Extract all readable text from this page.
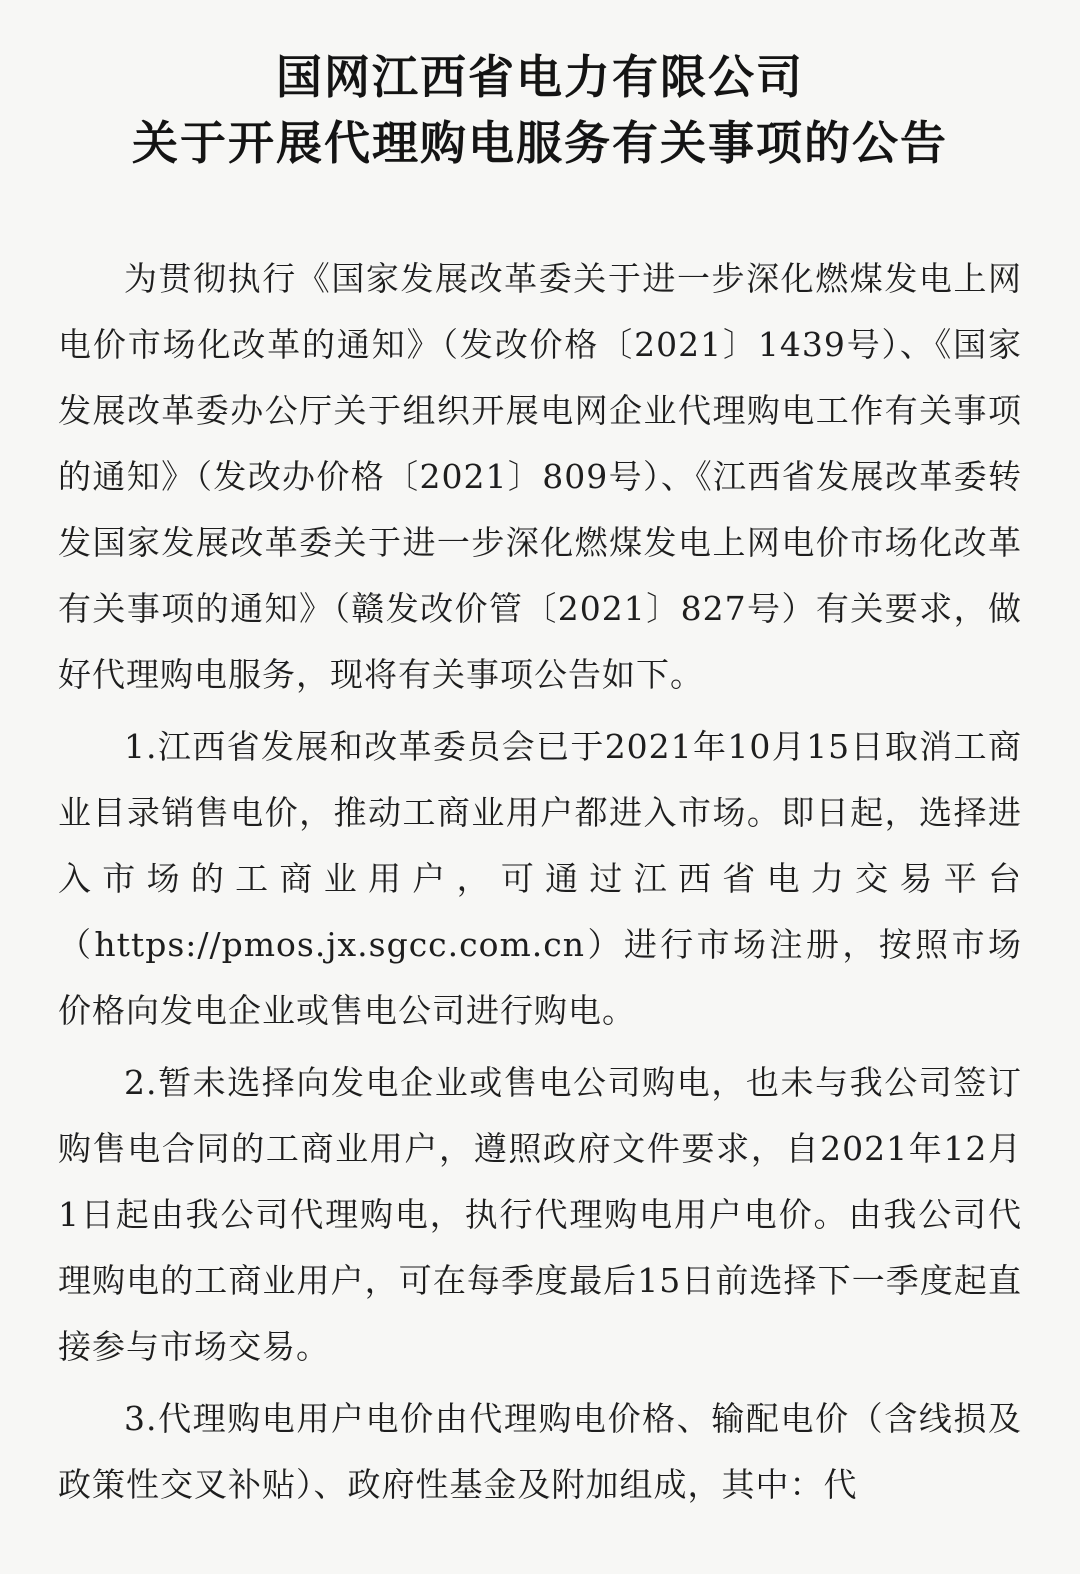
国网江西省电力有限公司
关于开展代理购电服务有关事项的公告

为贯彻执行《国家发展改革委关于进一步深化燃煤发电上网电价市场化改革的通知》（发改价格〔2021〕1439号）、《国家发展改革委办公厅关于组织开展电网企业代理购电工作有关事项的通知》（发改办价格〔2021〕809号）、《江西省发展改革委转发国家发展改革委关于进一步深化燃煤发电上网电价市场化改革有关事项的通知》（赣发改价管〔2021〕827号）有关要求，做好代理购电服务，现将有关事项公告如下。

1.江西省发展和改革委员会已于2021年10月15日取消工商业目录销售电价，推动工商业用户都进入市场。即日起，选择进入市场的工商业用户，可通过江西省电力交易平台（https://pmos.jx.sgcc.com.cn）进行市场注册，按照市场价格向发电企业或售电公司进行购电。

2.暂未选择向发电企业或售电公司购电，也未与我公司签订购售电合同的工商业用户，遵照政府文件要求，自2021年12月1日起由我公司代理购电，执行代理购电用户电价。由我公司代理购电的工商业用户，可在每季度最后15日前选择下一季度起直接参与市场交易。

3.代理购电用户电价由代理购电价格、输配电价（含线损及政策性交叉补贴）、政府性基金及附加组成，其中：代
